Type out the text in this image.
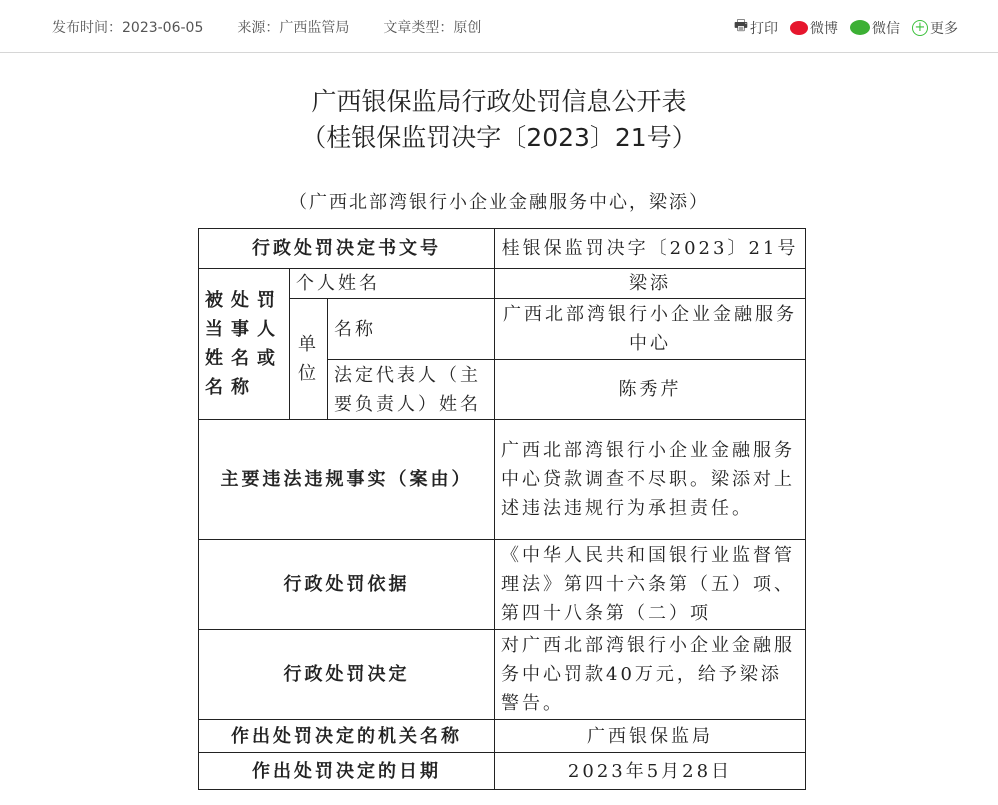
发布时间：2023-06-05 来源：广西监管局 文章类型：原创	🖶 打印 微博 微信 + 更多
广西银保监局行政处罚信息公开表
（桂银保监罚决字〔2023〕21号）
（广西北部湾银行小企业金融服务中心，梁添）
行政处罚决定书文号			桂银保监罚决字〔2023〕21号
被处罚当事人姓名或名称	个人姓名		梁添
	单位	名称	广西北部湾银行小企业金融服务中心
		法定代表人（主要负责人）姓名	陈秀芹
主要违法违规事实（案由）			广西北部湾银行小企业金融服务中心贷款调查不尽职。梁添对上述违法违规行为承担责任。
行政处罚依据			《中华人民共和国银行业监督管理法》第四十六条第（五）项、第四十八条第（二）项
行政处罚决定			对广西北部湾银行小企业金融服务中心罚款40万元，给予梁添警告。
作出处罚决定的机关名称			广西银保监局
作出处罚决定的日期			2023年5月28日
